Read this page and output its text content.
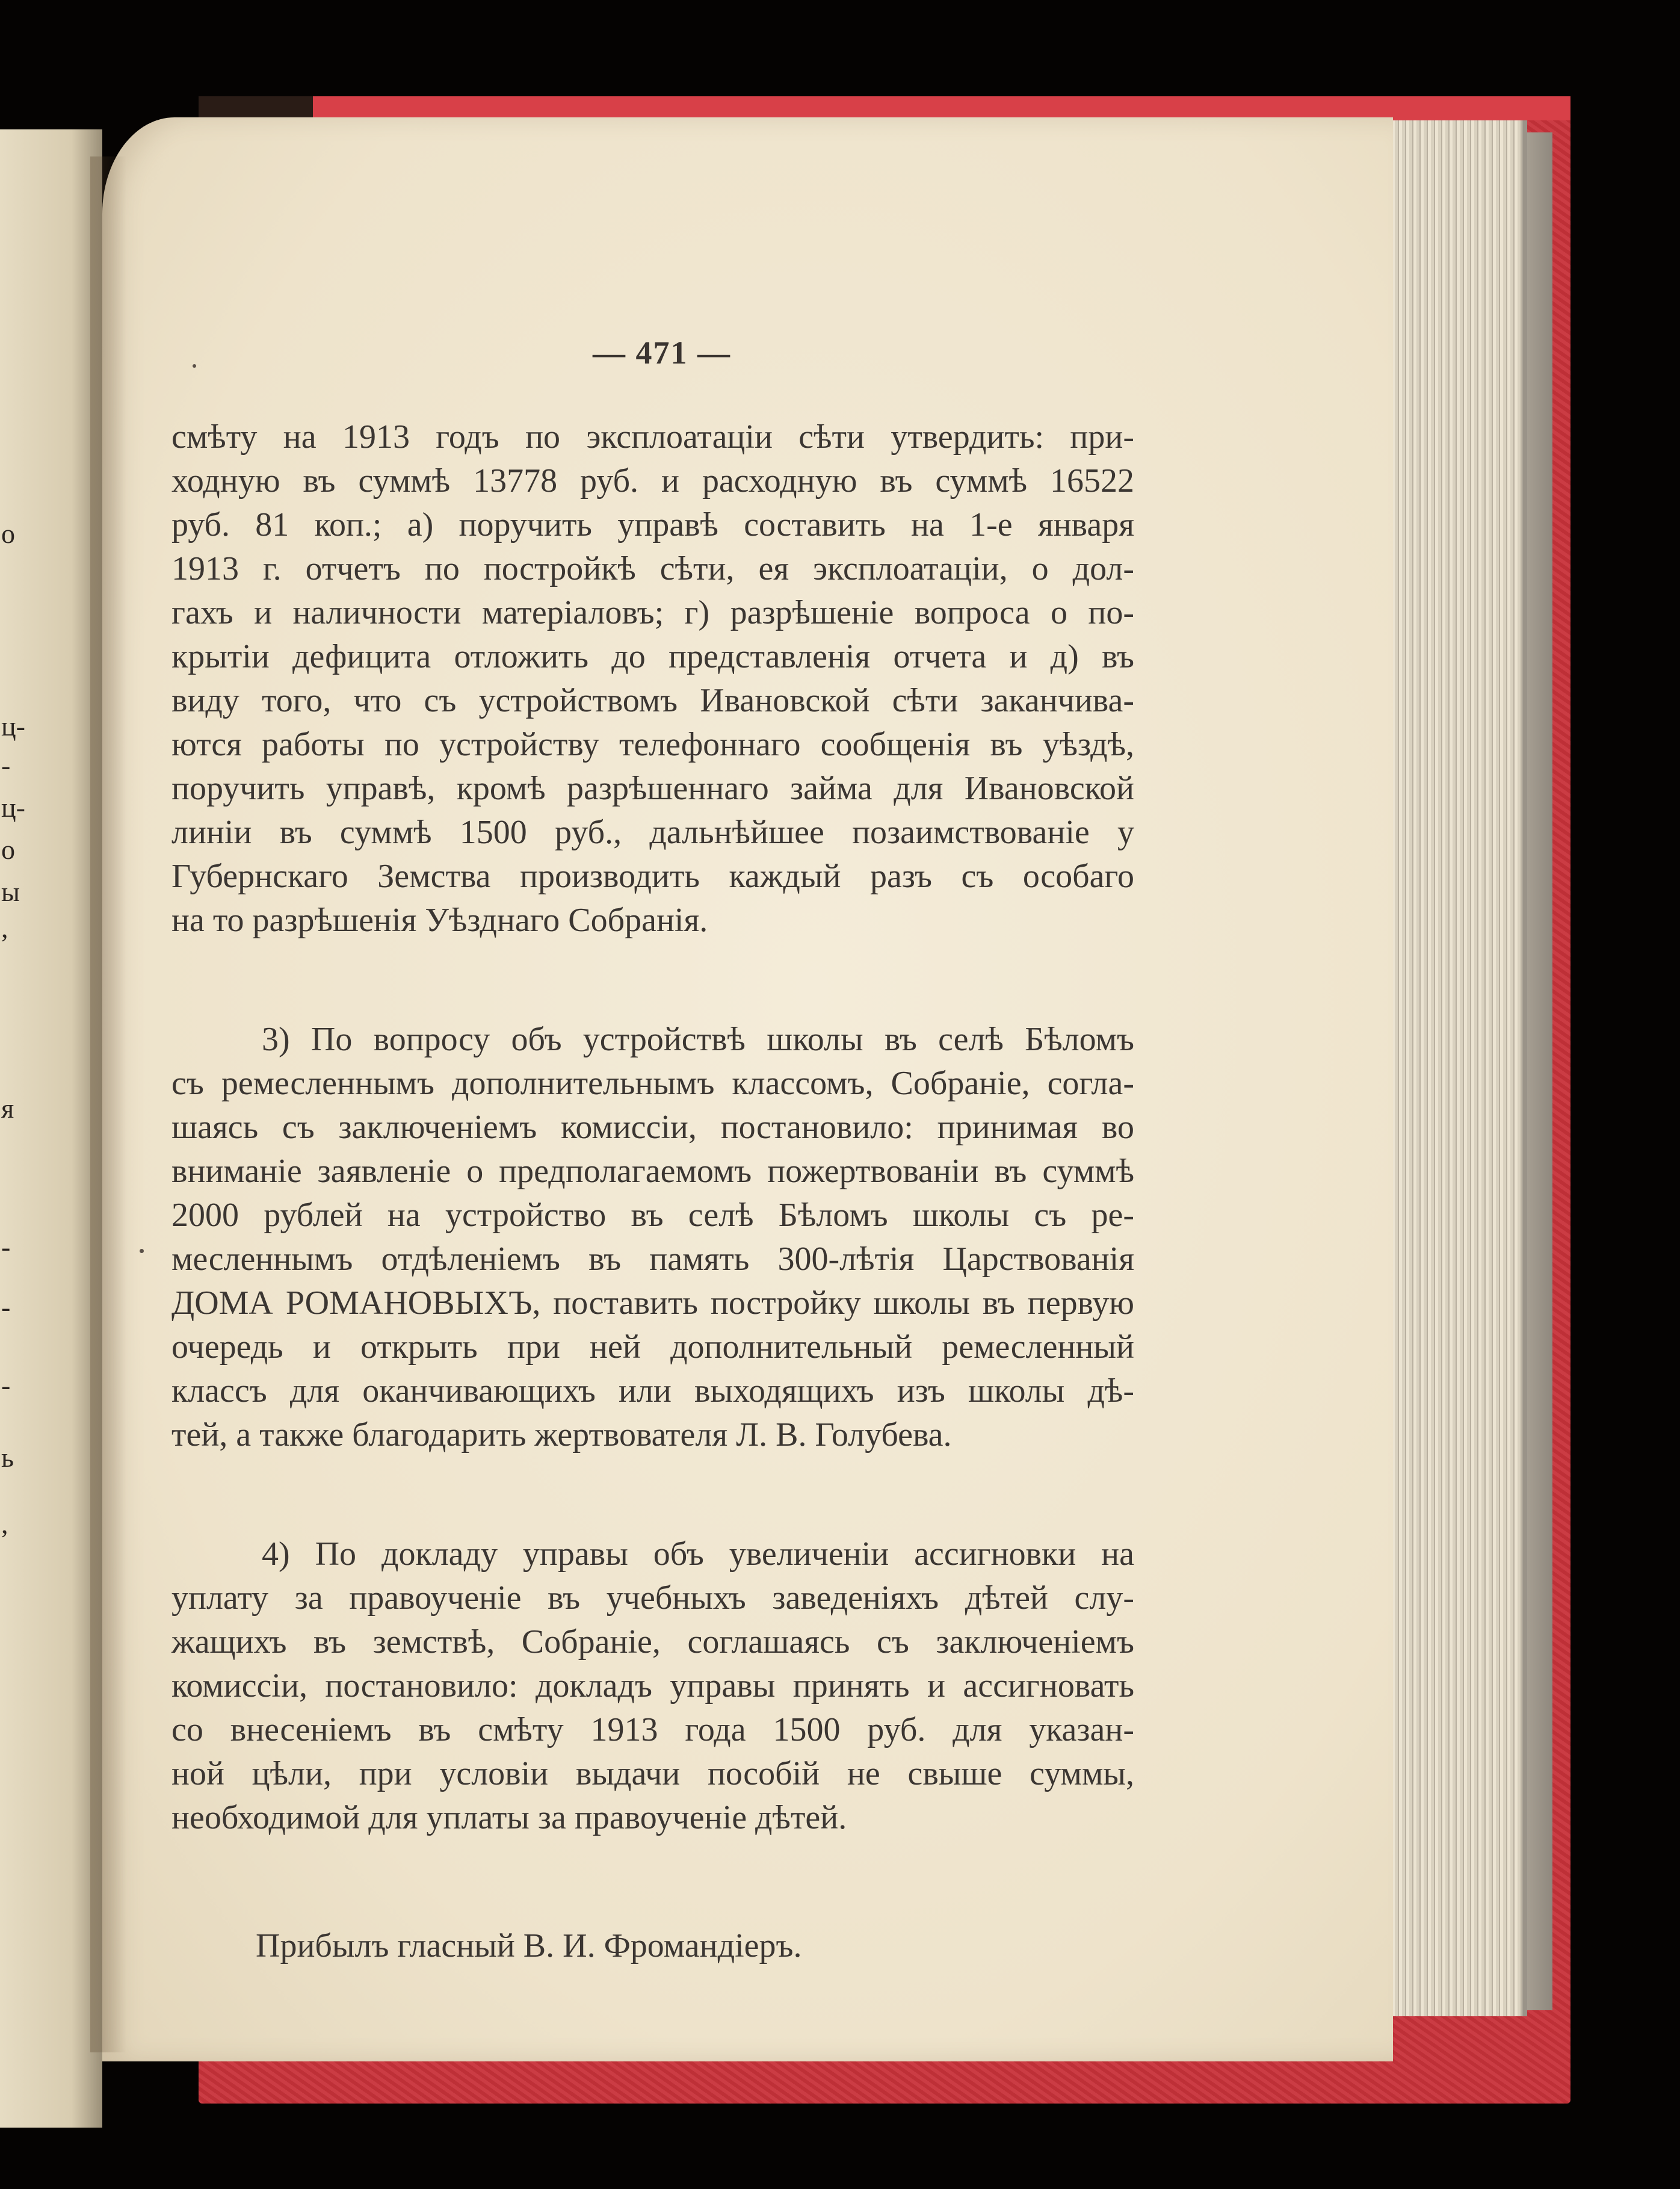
о
ц-
-
ц-
о
ы
,
я
-
-
-
ь
,
— 471 —
смѣту на 1913 годъ по эксплоатаціи сѣти утвердить: при-
ходную въ суммѣ 13778 руб. и расходную въ суммѣ 16522
руб. 81 коп.; а) поручить управѣ составить на 1-е января
1913 г. отчетъ по постройкѣ сѣти, ея эксплоатаціи, о дол-
гахъ и наличности матеріаловъ; г) разрѣшеніе вопроса о по-
крытіи дефицита отложить до представленія отчета и д) въ
виду того, что съ устройствомъ Ивановской сѣти заканчива-
ются работы по устройству телефоннаго сообщенія въ уѣздѣ,
поручить управѣ, кромѣ разрѣшеннаго займа для Ивановской
линіи въ суммѣ 1500 руб., дальнѣйшее позаимствованіе у
Губернскаго Земства производить каждый разъ съ особаго
на то разрѣшенія Уѣзднаго Собранія.
3) По вопросу объ устройствѣ школы въ селѣ Бѣломъ
съ ремесленнымъ дополнительнымъ классомъ, Собраніе, согла-
шаясь съ заключеніемъ комиссіи, постановило: принимая во
вниманіе заявленіе о предполагаемомъ пожертвованіи въ суммѣ
2000 рублей на устройство въ селѣ Бѣломъ школы съ ре-
месленнымъ отдѣленіемъ въ память 300-лѣтія Царствованія
ДОМА РОМАНОВЫХЪ, поставить постройку школы въ первую
очередь и открыть при ней дополнительный ремесленный
классъ для оканчивающихъ или выходящихъ изъ школы дѣ-
тей, а также благодарить жертвователя Л. В. Голубева.
4) По докладу управы объ увеличеніи ассигновки на
уплату за правоученіе въ учебныхъ заведеніяхъ дѣтей слу-
жащихъ въ земствѣ, Собраніе, соглашаясь съ заключеніемъ
комиссіи, постановило: докладъ управы принять и ассигновать
со внесеніемъ въ смѣту 1913 года 1500 руб. для указан-
ной цѣли, при условіи выдачи пособій не свыше суммы,
необходимой для уплаты за правоученіе дѣтей.
Прибылъ гласный В. И. Фромандіеръ.
